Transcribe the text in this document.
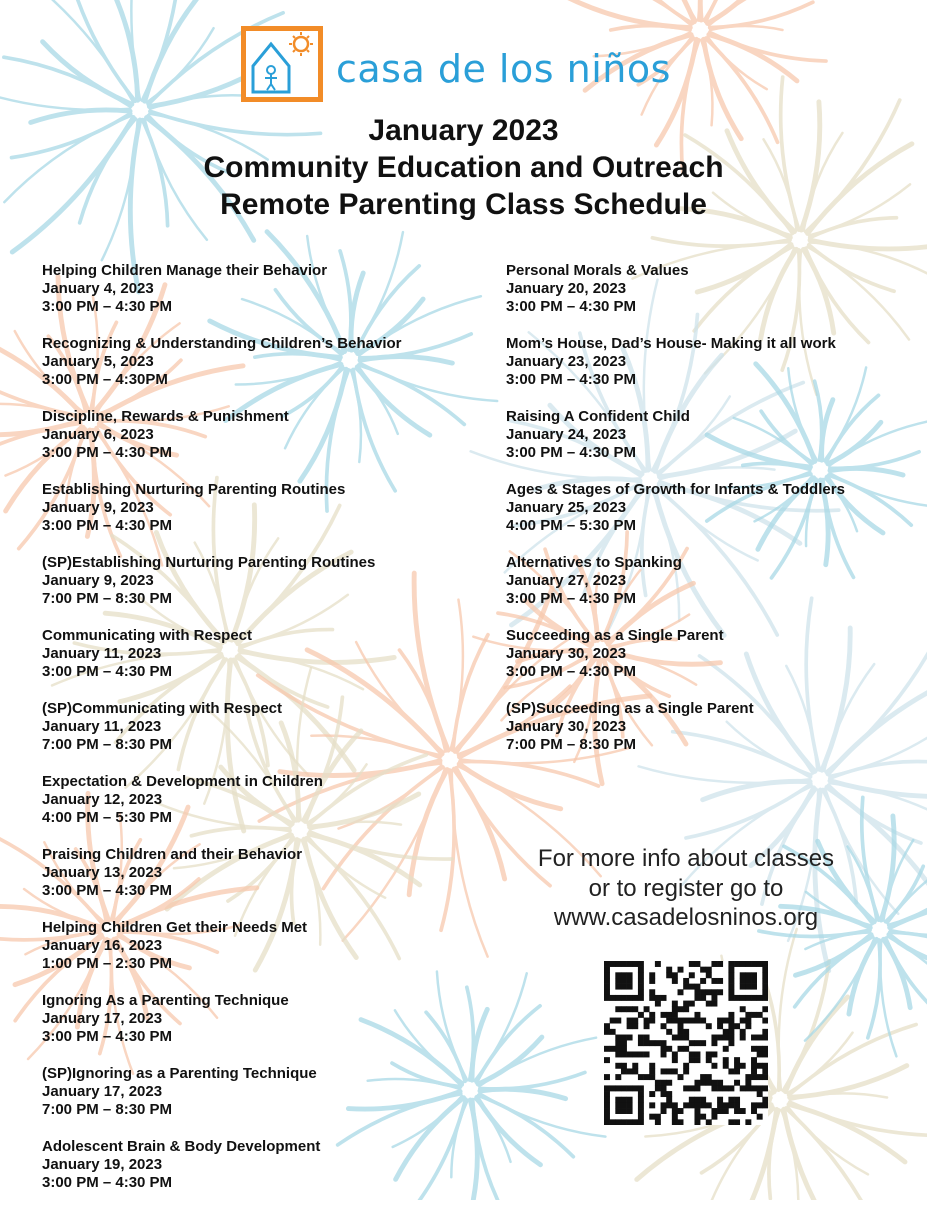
casa de los niños
January 2023
Community Education and Outreach
Remote Parenting Class Schedule
Helping Children Manage their Behavior
January 4, 2023
3:00 PM – 4:30 PM
Recognizing & Understanding Children’s Behavior
January 5, 2023
3:00 PM – 4:30PM
Discipline, Rewards & Punishment
January 6, 2023
3:00 PM – 4:30 PM
Establishing Nurturing Parenting Routines
January 9, 2023
3:00 PM – 4:30 PM
(SP)Establishing Nurturing Parenting Routines
January 9, 2023
7:00 PM – 8:30 PM
Communicating with Respect
January 11, 2023
3:00 PM – 4:30 PM
(SP)Communicating with Respect
January 11, 2023
7:00 PM – 8:30 PM
Expectation & Development in Children
January 12, 2023
4:00 PM – 5:30 PM
Praising Children and their Behavior
January 13, 2023
3:00 PM – 4:30 PM
Helping Children Get their Needs Met
January 16, 2023
1:00 PM – 2:30 PM
Ignoring As a Parenting Technique
January 17, 2023
3:00 PM – 4:30 PM
(SP)Ignoring as a Parenting Technique
January 17, 2023
7:00 PM – 8:30 PM
Adolescent Brain & Body Development
January 19, 2023
3:00 PM – 4:30 PM
Personal Morals & Values
January 20, 2023
3:00 PM – 4:30 PM
Mom’s House, Dad’s House- Making it all work
January 23, 2023
3:00 PM – 4:30 PM
Raising A Confident Child
January 24, 2023
3:00 PM – 4:30 PM
Ages & Stages of Growth for Infants & Toddlers
January 25, 2023
4:00 PM – 5:30 PM
Alternatives to Spanking
January 27, 2023
3:00 PM – 4:30 PM
Succeeding as a Single Parent
January 30, 2023
3:00 PM – 4:30 PM
(SP)Succeeding as a Single Parent
January 30, 2023
7:00 PM – 8:30 PM
For more info about classes
or to register go to
www.casadelosninos.org
